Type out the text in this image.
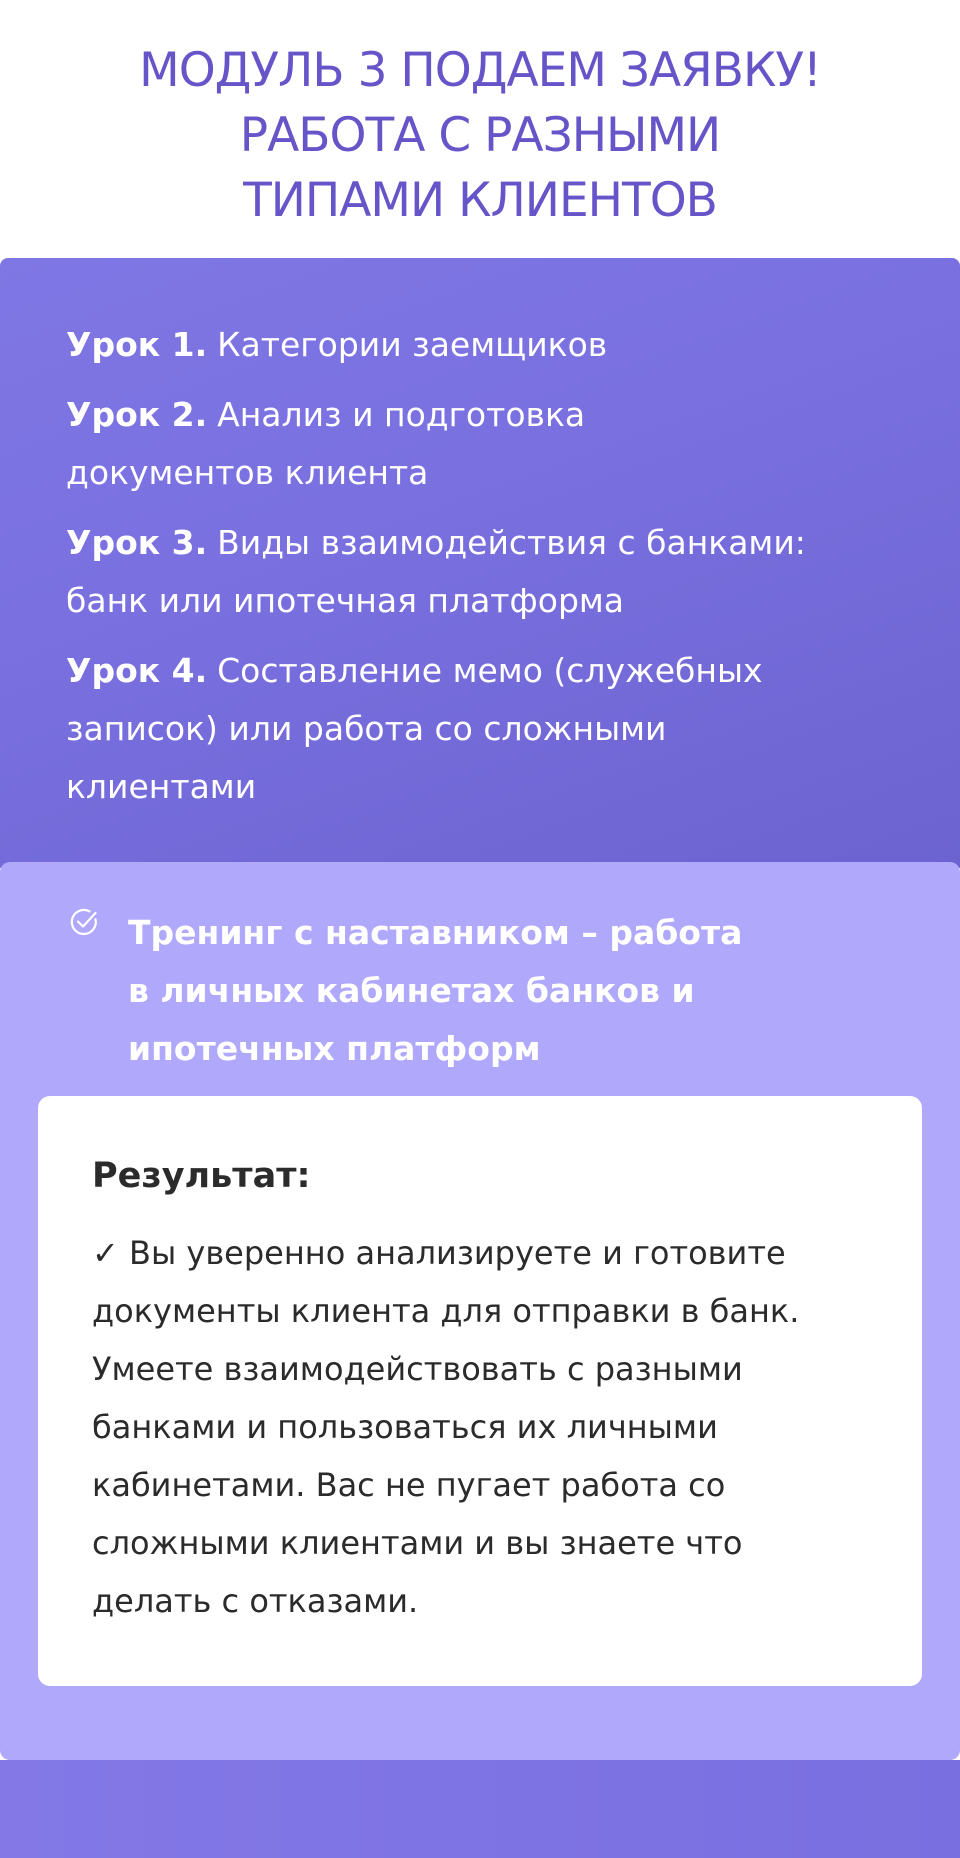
МОДУЛЬ 3 ПОДАЕМ ЗАЯВКУ!
РАБОТА С РАЗНЫМИ
ТИПАМИ КЛИЕНТОВ
Урок 1. Категории заемщиков
Урок 2. Анализ и подготовка
документов клиента
Урок 3. Виды взаимодействия с банками:
банк или ипотечная платформа
Урок 4. Составление мемо (служебных
записок) или работа со сложными
клиентами

Тренинг с наставником – работа
в личных кабинетах банков и
ипотечных платформ

Результат:

✓ Вы уверенно анализируете и готовите
документы клиента для отправки в банк.
Умеете взаимодействовать с разными
банками и пользоваться их личными
кабинетами. Вас не пугает работа со
сложными клиентами и вы знаете что
делать с отказами.
